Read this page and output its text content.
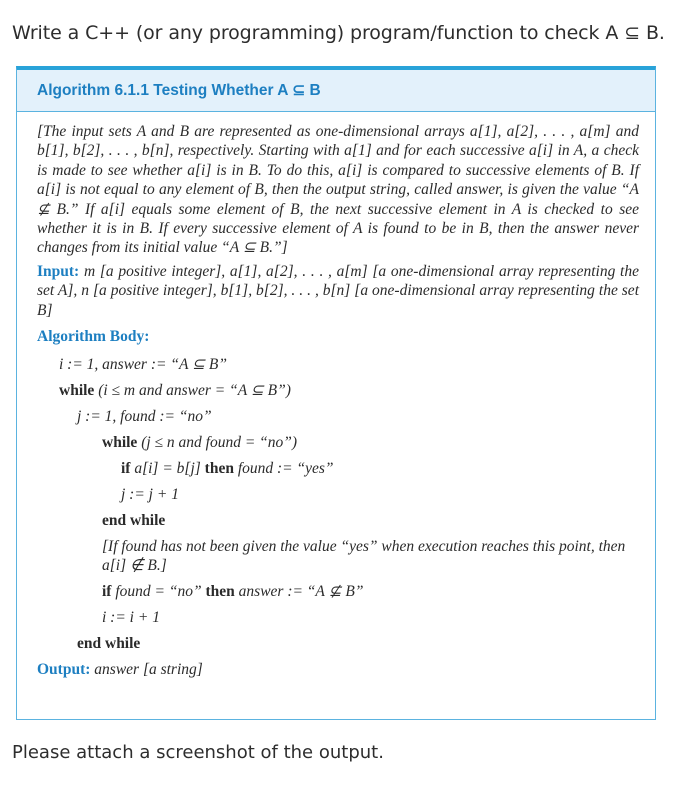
Write a C++ (or any programming) program/function to check A ⊆ B.
Algorithm 6.1.1 Testing Whether A ⊆ B

[The input sets A and B are represented as one-dimensional arrays a[1], a[2], . . . , a[m] and b[1], b[2], . . . , b[n], respectively. Starting with a[1] and for each successive a[i] in A, a check is made to see whether a[i] is in B. To do this, a[i] is compared to successive elements of B. If a[i] is not equal to any element of B, then the output string, called answer, is given the value “A ⊈ B.” If a[i] equals some element of B, the next successive element in A is checked to see whether it is in B. If every successive element of A is found to be in B, then the answer never changes from its initial value “A ⊆ B.”]

Input: m [a positive integer], a[1], a[2], . . . , a[m] [a one-dimensional array representing the set A], n [a positive integer], b[1], b[2], . . . , b[n] [a one-dimensional array representing the set B]
Algorithm Body:
i := 1, answer := “A ⊆ B”
while (i ≤ m and answer = “A ⊆ B”)
j := 1, found := “no”
while (j ≤ n and found = “no”)
if a[i] = b[j] then found := “yes”
j := j + 1
end while
[If found has not been given the value “yes” when execution reaches this point, then a[i] ∉ B.]
if found = “no” then answer := “A ⊈ B”
i := i + 1
end while
Output: answer [a string]
Please attach a screenshot of the output.
